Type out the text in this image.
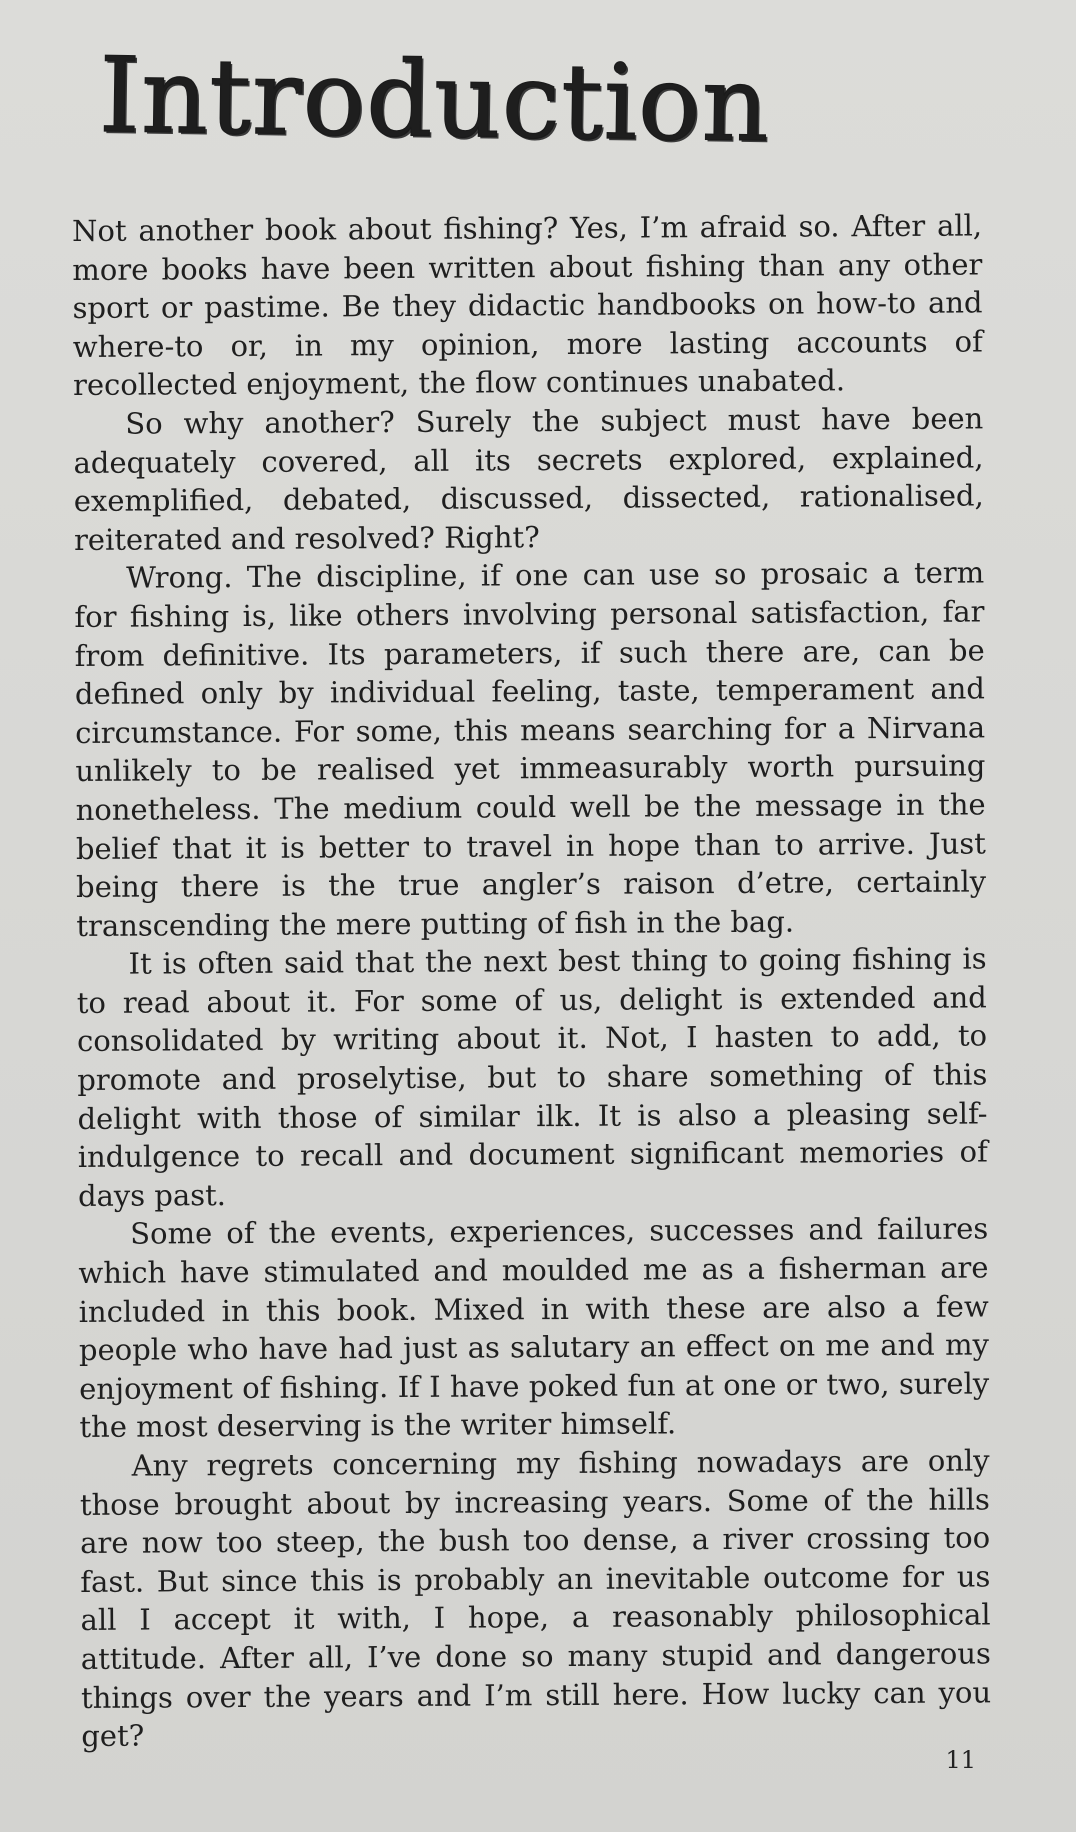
Introduction

Not another book about fishing? Yes, I’m afraid so. After all, more books have been written about fishing than any other sport or pastime. Be they didactic handbooks on how-to and where-to or, in my opinion, more lasting accounts of recollected enjoyment, the flow continues unabated.

So why another? Surely the subject must have been adequately covered, all its secrets explored, explained, exemplified, debated, discussed, dissected, rationalised, reiterated and resolved? Right?

Wrong. The discipline, if one can use so prosaic a term for fishing is, like others involving personal satisfaction, far from definitive. Its parameters, if such there are, can be defined only by individual feeling, taste, temperament and circumstance. For some, this means searching for a Nirvana unlikely to be realised yet immeasurably worth pursuing nonetheless. The medium could well be the message in the belief that it is better to travel in hope than to arrive. Just being there is the true angler’s raison d’etre, certainly transcending the mere putting of fish in the bag.

It is often said that the next best thing to going fishing is to read about it. For some of us, delight is extended and consolidated by writing about it. Not, I hasten to add, to promote and proselytise, but to share something of this delight with those of similar ilk. It is also a pleasing self-indulgence to recall and document significant memories of days past.

Some of the events, experiences, successes and failures which have stimulated and moulded me as a fisherman are included in this book. Mixed in with these are also a few people who have had just as salutary an effect on me and my enjoyment of fishing. If I have poked fun at one or two, surely the most deserving is the writer himself.

Any regrets concerning my fishing nowadays are only those brought about by increasing years. Some of the hills are now too steep, the bush too dense, a river crossing too fast. But since this is probably an inevitable outcome for us all I accept it with, I hope, a reasonably philosophical attitude. After all, I’ve done so many stupid and dangerous things over the years and I’m still here. How lucky can you get?

11
